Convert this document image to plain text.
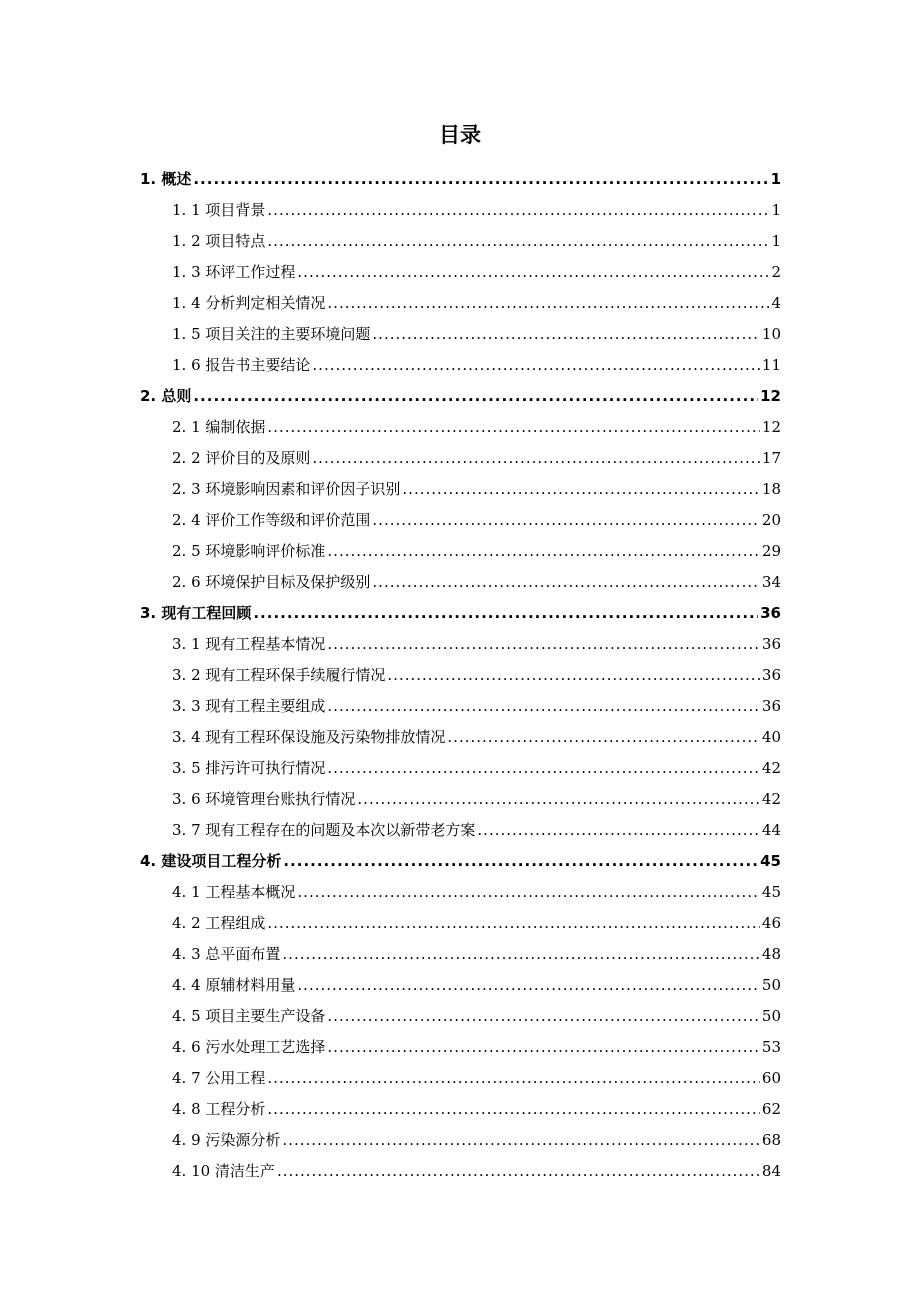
目录
1. 概述 .....	1
1. 1 项目背景 .....	1
1. 2 项目特点 .....	1
1. 3 环评工作过程 .....	2
1. 4 分析判定相关情况 .....	4
1. 5 项目关注的主要环境问题 .....	10
1. 6 报告书主要结论 .....	11
2. 总则 .....	12
2. 1 编制依据 .....	12
2. 2 评价目的及原则 .....	17
2. 3 环境影响因素和评价因子识别 .....	18
2. 4 评价工作等级和评价范围 .....	20
2. 5 环境影响评价标准 .....	29
2. 6 环境保护目标及保护级别 .....	34
3. 现有工程回顾 .....	36
3. 1 现有工程基本情况 .....	36
3. 2 现有工程环保手续履行情况 .....	36
3. 3 现有工程主要组成 .....	36
3. 4 现有工程环保设施及污染物排放情况 .....	40
3. 5 排污许可执行情况 .....	42
3. 6 环境管理台账执行情况 .....	42
3. 7 现有工程存在的问题及本次以新带老方案 .....	44
4. 建设项目工程分析 .....	45
4. 1 工程基本概况 .....	45
4. 2 工程组成 .....	46
4. 3 总平面布置 .....	48
4. 4 原辅材料用量 .....	50
4. 5 项目主要生产设备 .....	50
4. 6 污水处理工艺选择 .....	53
4. 7 公用工程 .....	60
4. 8 工程分析 .....	62
4. 9 污染源分析 .....	68
4. 10 清洁生产 .....	84
